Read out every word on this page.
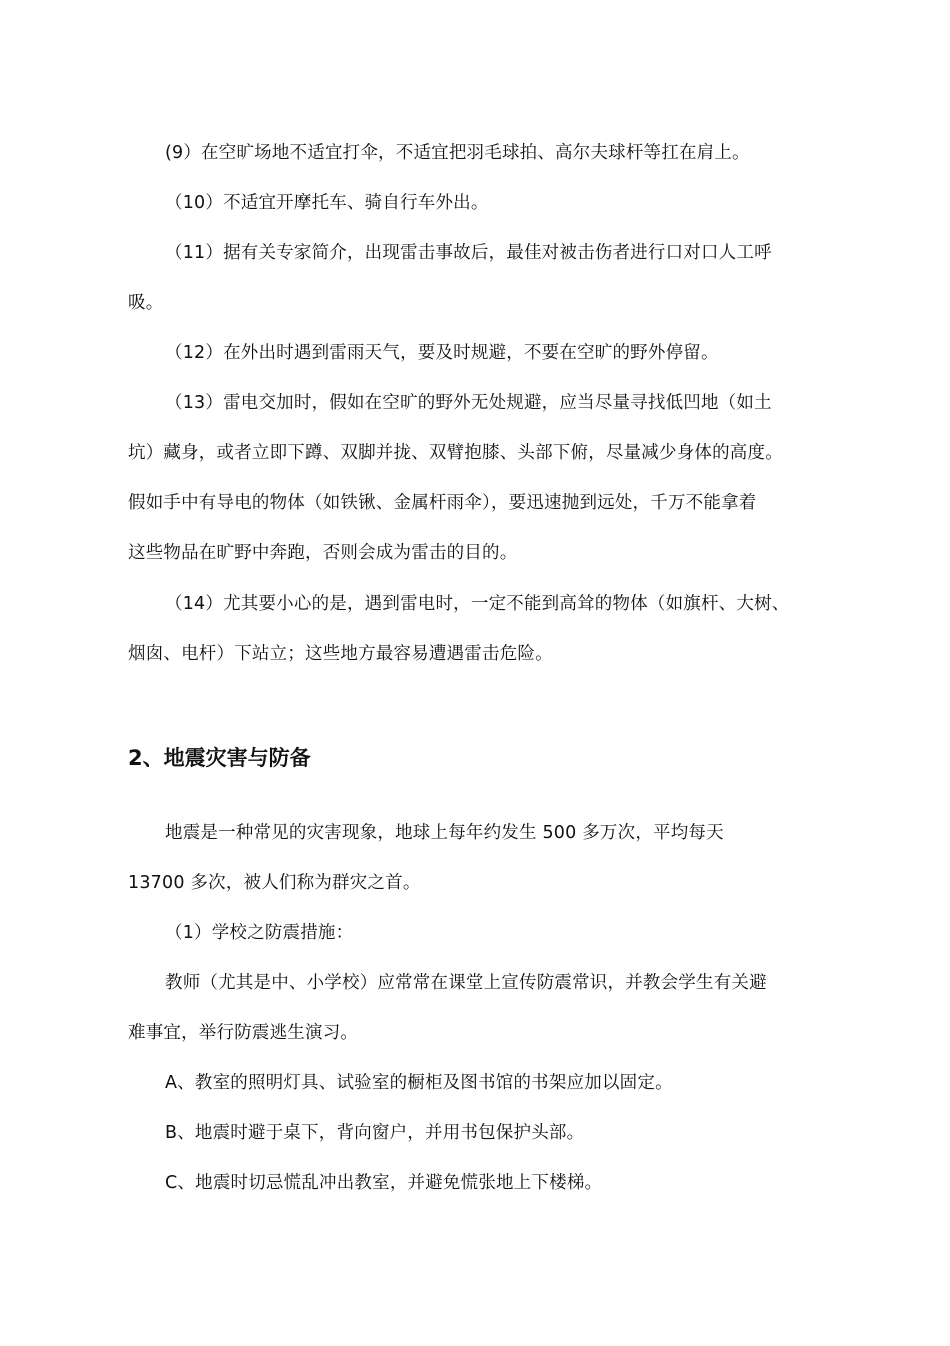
(9）在空旷场地不适宜打伞，不适宜把羽毛球拍、高尔夫球杆等扛在肩上。
（10）不适宜开摩托车、骑自行车外出。
（11）据有关专家简介，出现雷击事故后，最佳对被击伤者进行口对口人工呼
吸。
（12）在外出时遇到雷雨天气，要及时规避，不要在空旷的野外停留。
（13）雷电交加时，假如在空旷的野外无处规避，应当尽量寻找低凹地（如土
坑）藏身，或者立即下蹲、双脚并拢、双臂抱膝、头部下俯，尽量减少身体的高度。
假如手中有导电的物体（如铁锹、金属杆雨伞），要迅速抛到远处，千万不能拿着
这些物品在旷野中奔跑，否则会成为雷击的目的。
（14）尤其要小心的是，遇到雷电时，一定不能到高耸的物体（如旗杆、大树、
烟囱、电杆）下站立；这些地方最容易遭遇雷击危险。
2、地震灾害与防备
地震是一种常见的灾害现象，地球上每年约发生 500 多万次，平均每天
13700 多次，被人们称为群灾之首。
（1）学校之防震措施：
教师（尤其是中、小学校）应常常在课堂上宣传防震常识，并教会学生有关避
难事宜，举行防震逃生演习。
A、教室的照明灯具、试验室的橱柜及图书馆的书架应加以固定。
B、地震时避于桌下，背向窗户，并用书包保护头部。
C、地震时切忌慌乱冲出教室，并避免慌张地上下楼梯。
